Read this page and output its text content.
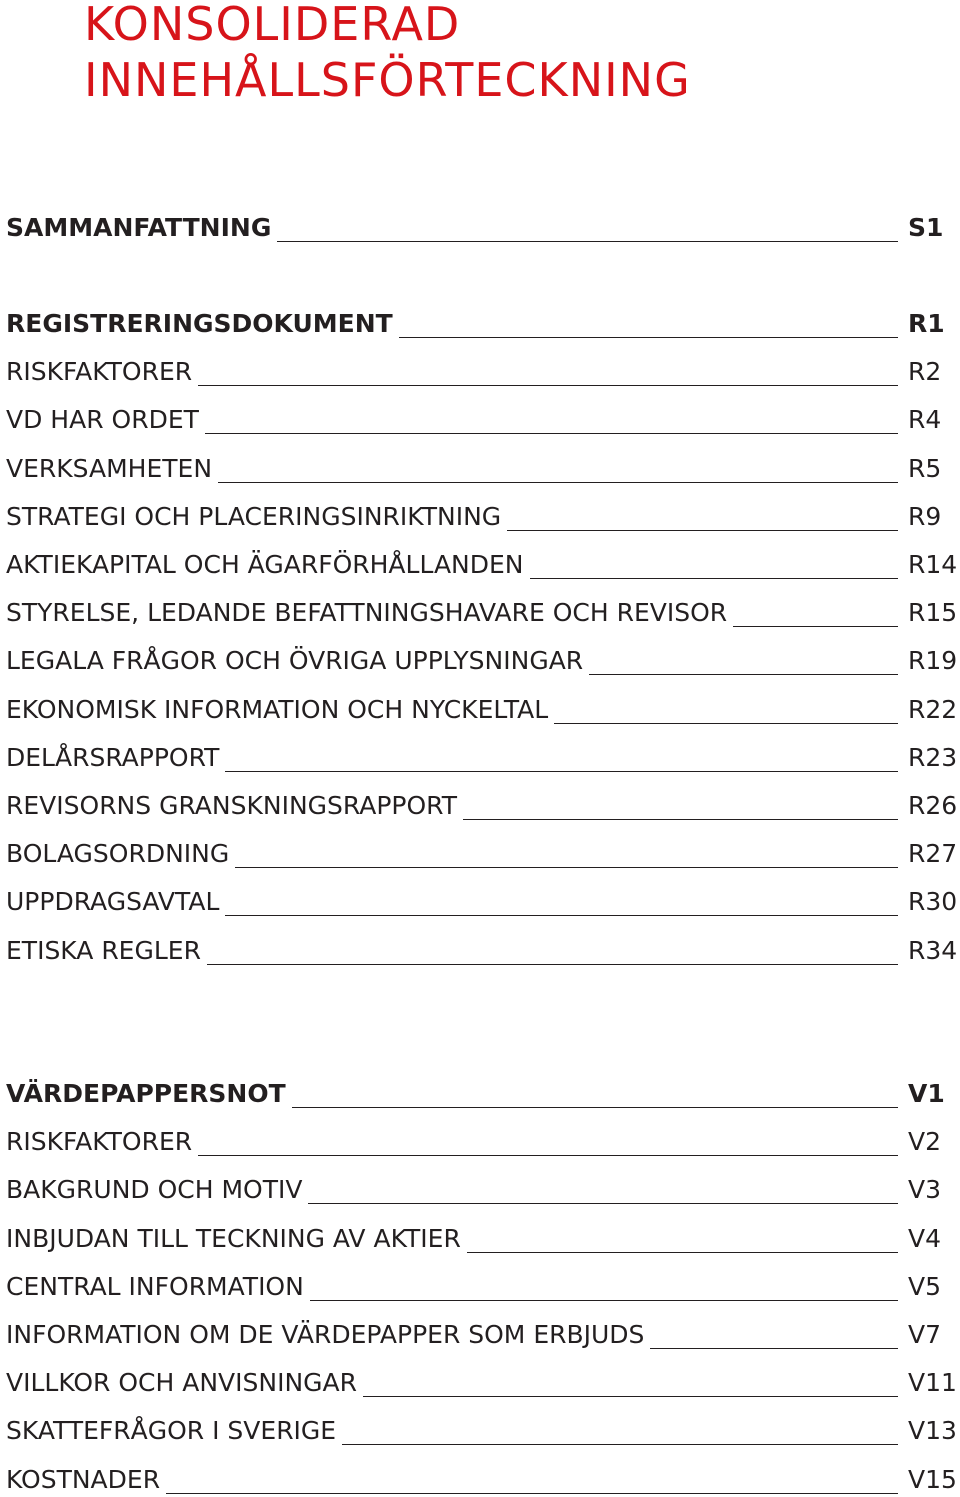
KONSOLIDERAD
INNEHÅLLSFÖRTECKNING
SAMMANFATTNING	S1
REGISTRERINGSDOKUMENT	R1
RISKFAKTORER	R2
VD HAR ORDET	R4
VERKSAMHETEN	R5
STRATEGI OCH PLACERINGSINRIKTNING	R9
AKTIEKAPITAL OCH ÄGARFÖRHÅLLANDEN	R14
STYRELSE, LEDANDE BEFATTNINGSHAVARE OCH REVISOR	R15
LEGALA FRÅGOR OCH ÖVRIGA UPPLYSNINGAR	R19
EKONOMISK INFORMATION OCH NYCKELTAL	R22
DELÅRSRAPPORT	R23
REVISORNS GRANSKNINGSRAPPORT	R26
BOLAGSORDNING	R27
UPPDRAGSAVTAL	R30
ETISKA REGLER	R34
VÄRDEPAPPERSNOT	V1
RISKFAKTORER	V2
BAKGRUND OCH MOTIV	V3
INBJUDAN TILL TECKNING AV AKTIER	V4
CENTRAL INFORMATION	V5
INFORMATION OM DE VÄRDEPAPPER SOM ERBJUDS	V7
VILLKOR OCH ANVISNINGAR	V11
SKATTEFRÅGOR I SVERIGE	V13
KOSTNADER	V15
